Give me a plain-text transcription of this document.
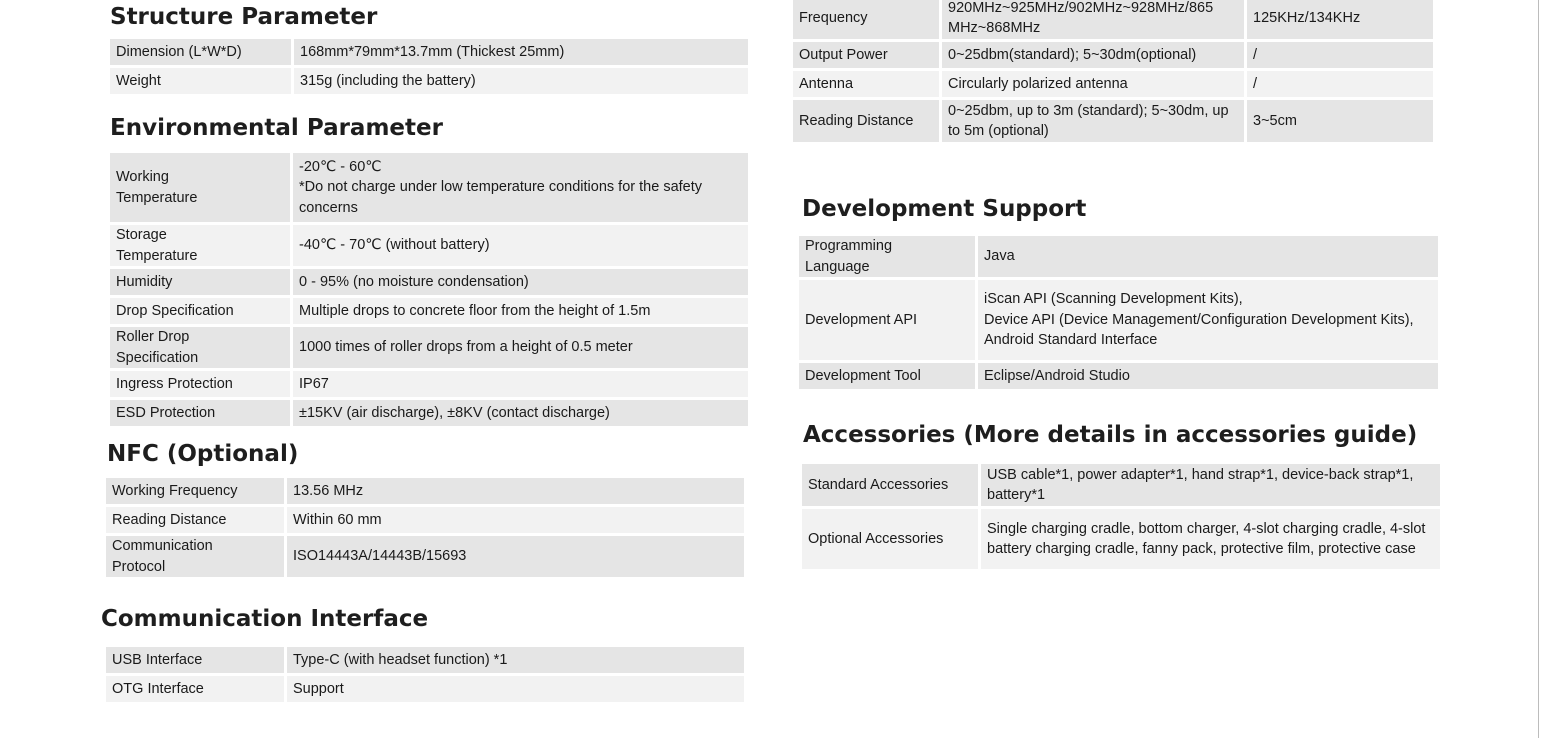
Structure Parameter
Dimension (L*W*D)	168mm*79mm*13.7mm (Thickest 25mm)
Weight	315g (including the battery)
Environmental Parameter
Working Temperature	-20℃ - 60℃
*Do not charge under low temperature conditions for the safety concerns

Storage Temperature	-40℃ - 70℃ (without battery)
Humidity	0 - 95% (no moisture condensation)
Drop Specification	Multiple drops to concrete floor from the height of 1.5m

Roller Drop Specification	1000 times of roller drops from a height of 0.5 meter
Ingress Protection	IP67
ESD Protection	±15KV (air discharge), ±8KV (contact discharge)
NFC (Optional)
Working Frequency	13.56 MHz
Reading Distance	Within 60 mm

Communication Protocol	ISO14443A/14443B/15693
Communication Interface
USB Interface	Type-C (with headset function) *1
OTG Interface	Support
Frequency	920MHz~925MHz/902MHz~928MHz/865 MHz~868MHz	125KHz/134KHz
Output Power	0~25dbm(standard); 5~30dm(optional)	/
Antenna	Circularly polarized antenna	/
Reading Distance	0~25dbm, up to 3m (standard); 5~30dm, up to 5m (optional)	3~5cm
Development Support
Programming Language	Java
Development API	iScan API (Scanning Development Kits),
Device API (Device Management/Configuration Development Kits),
Android Standard Interface
Development Tool	Eclipse/Android Studio
Accessories (More details in accessories guide)
Standard Accessories	USB cable*1, power adapter*1, hand strap*1, device-back strap*1, battery*1
Optional Accessories	Single charging cradle, bottom charger, 4-slot charging cradle, 4-slot battery charging cradle, fanny pack, protective film, protective case
